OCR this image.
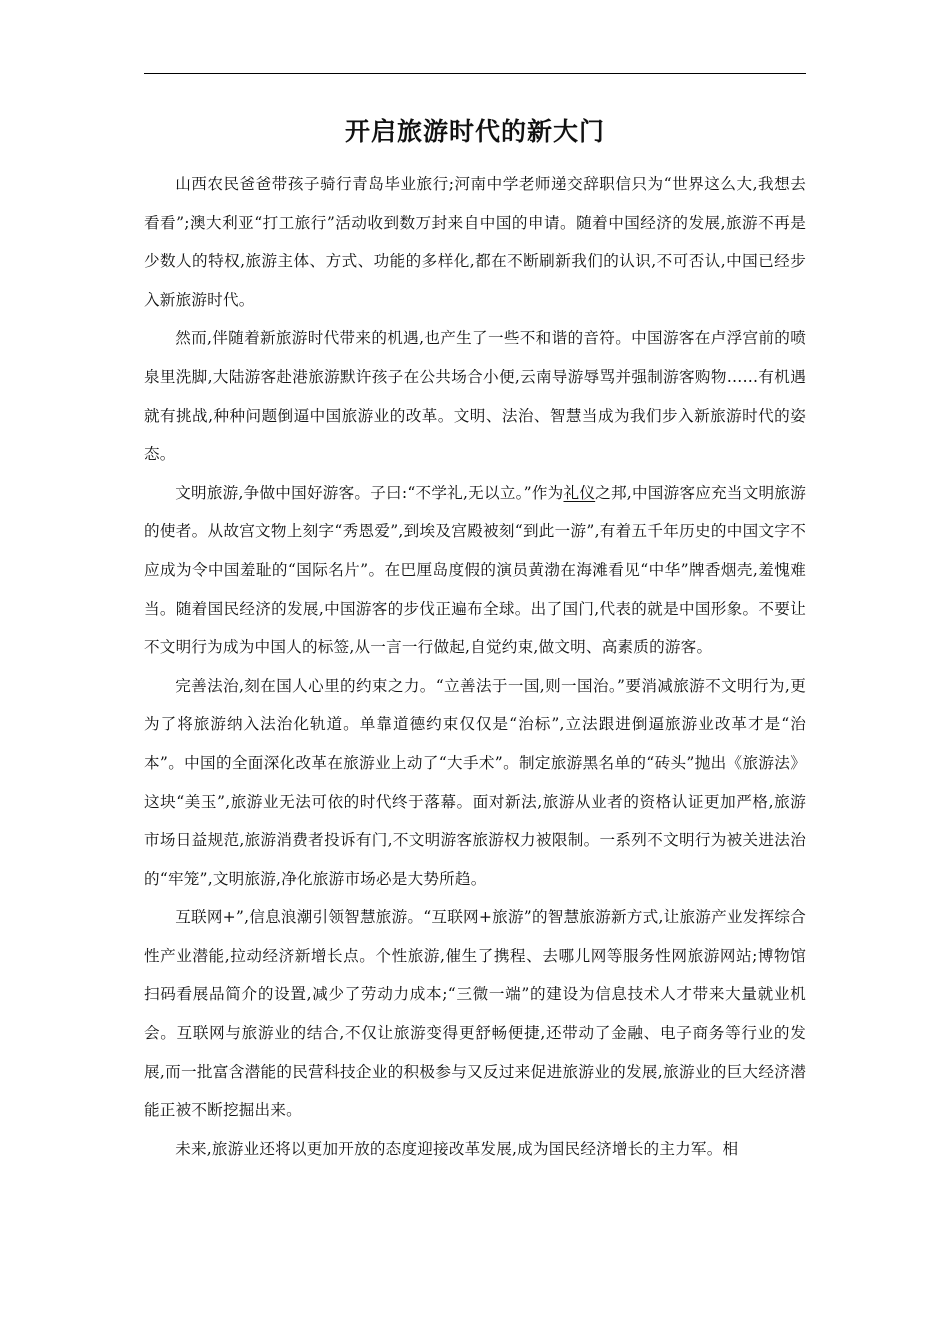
开启旅游时代的新大门

山西农民爸爸带孩子骑行青岛毕业旅行;河南中学老师递交辞职信只为“世界这么大,我想去看看”;澳大利亚“打工旅行”活动收到数万封来自中国的申请。随着中国经济的发展,旅游不再是少数人的特权,旅游主体、方式、功能的多样化,都在不断刷新我们的认识,不可否认,中国已经步入新旅游时代。

然而,伴随着新旅游时代带来的机遇,也产生了一些不和谐的音符。中国游客在卢浮宫前的喷泉里洗脚,大陆游客赴港旅游默许孩子在公共场合小便,云南导游辱骂并强制游客购物……有机遇就有挑战,种种问题倒逼中国旅游业的改革。文明、法治、智慧当成为我们步入新旅游时代的姿态。

文明旅游,争做中国好游客。子曰:“不学礼,无以立。”作为礼仪之邦,中国游客应充当文明旅游的使者。从故宫文物上刻字“秀恩爱”,到埃及宫殿被刻“到此一游”,有着五千年历史的中国文字不应成为令中国羞耻的“国际名片”。在巴厘岛度假的演员黄渤在海滩看见“中华”牌香烟壳,羞愧难当。随着国民经济的发展,中国游客的步伐正遍布全球。出了国门,代表的就是中国形象。不要让不文明行为成为中国人的标签,从一言一行做起,自觉约束,做文明、高素质的游客。

完善法治,刻在国人心里的约束之力。“立善法于一国,则一国治。”要消减旅游不文明行为,更为了将旅游纳入法治化轨道。单靠道德约束仅仅是“治标”,立法跟进倒逼旅游业改革才是“治本”。中国的全面深化改革在旅游业上动了“大手术”。制定旅游黑名单的“砖头”抛出《旅游法》这块“美玉”,旅游业无法可依的时代终于落幕。面对新法,旅游从业者的资格认证更加严格,旅游市场日益规范,旅游消费者投诉有门,不文明游客旅游权力被限制。一系列不文明行为被关进法治的“牢笼”,文明旅游,净化旅游市场必是大势所趋。

互联网+”,信息浪潮引领智慧旅游。“互联网+旅游”的智慧旅游新方式,让旅游产业发挥综合性产业潜能,拉动经济新增长点。个性旅游,催生了携程、去哪儿网等服务性网旅游网站;博物馆扫码看展品简介的设置,减少了劳动力成本;“三微一端”的建设为信息技术人才带来大量就业机会。互联网与旅游业的结合,不仅让旅游变得更舒畅便捷,还带动了金融、电子商务等行业的发展,而一批富含潜能的民营科技企业的积极参与又反过来促进旅游业的发展,旅游业的巨大经济潜能正被不断挖掘出来。

未来,旅游业还将以更加开放的态度迎接改革发展,成为国民经济增长的主力军。相
